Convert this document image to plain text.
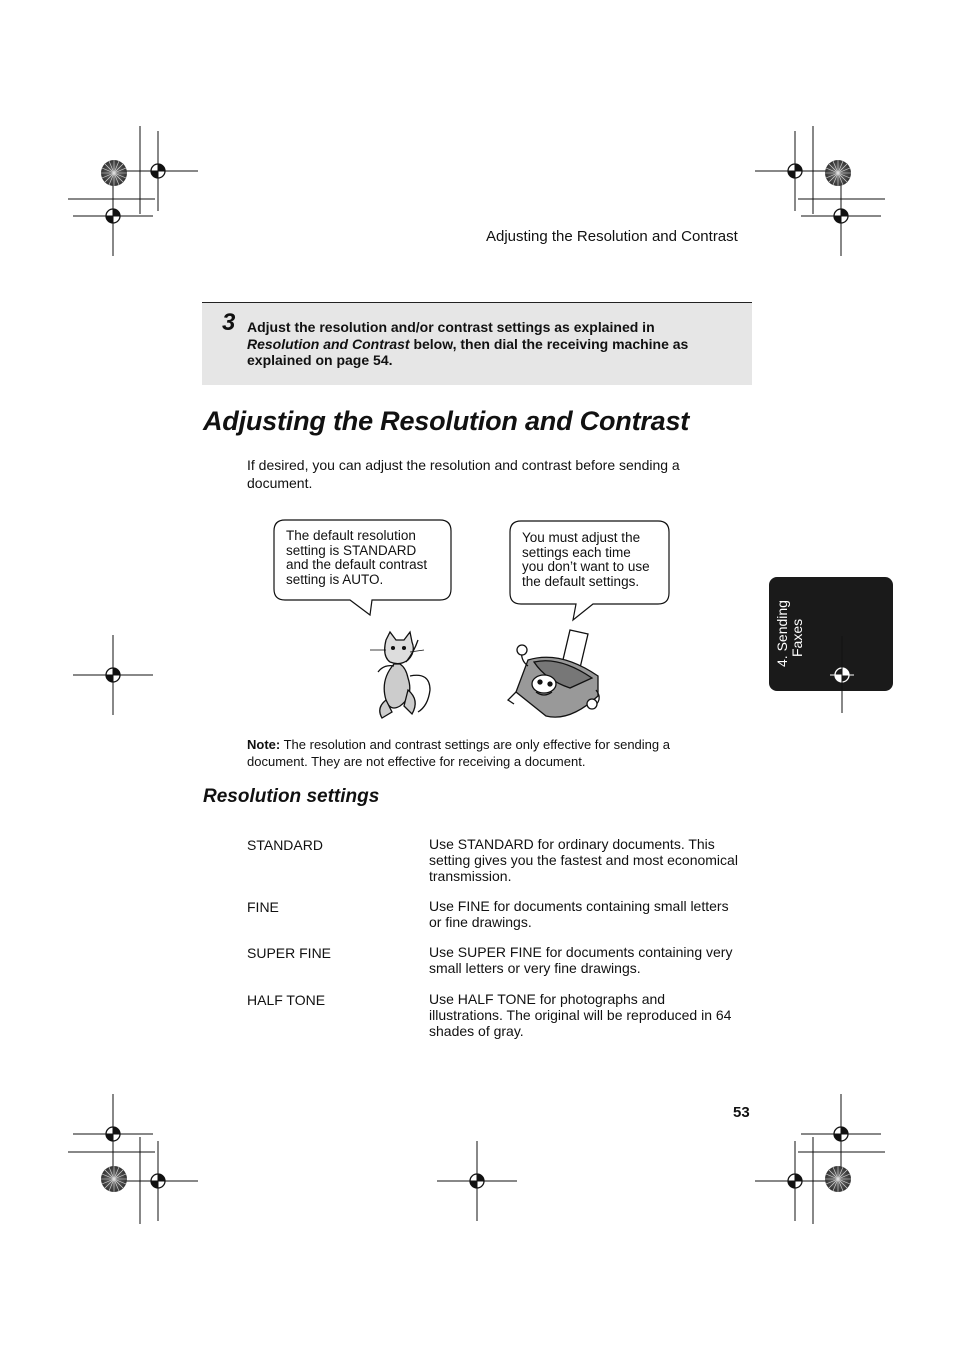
Adjusting the Resolution and Contrast
3 Adjust the resolution and/or contrast settings as explained in
Resolution and Contrast below, then dial the receiving machine as explained on page 54.
Adjusting the Resolution and Contrast
If desired, you can adjust the resolution and contrast before sending a document.
The default resolution
setting is STANDARD
and the default contrast
setting is AUTO.
You must adjust the
settings each time
you don’t want to use
the default settings.
Note: The resolution and contrast settings are only effective for sending a document. They are not effective for receiving a document.
Resolution settings
STANDARD	Use STANDARD for ordinary documents. This setting gives you the fastest and most economical transmission.
FINE	Use FINE for documents containing small letters or fine drawings.
SUPER FINE	Use SUPER FINE for documents containing very small letters or very fine drawings.
HALF TONE	Use HALF TONE for photographs and illustrations. The original will be reproduced in 64 shades of gray.
4. Sending Faxes
53
